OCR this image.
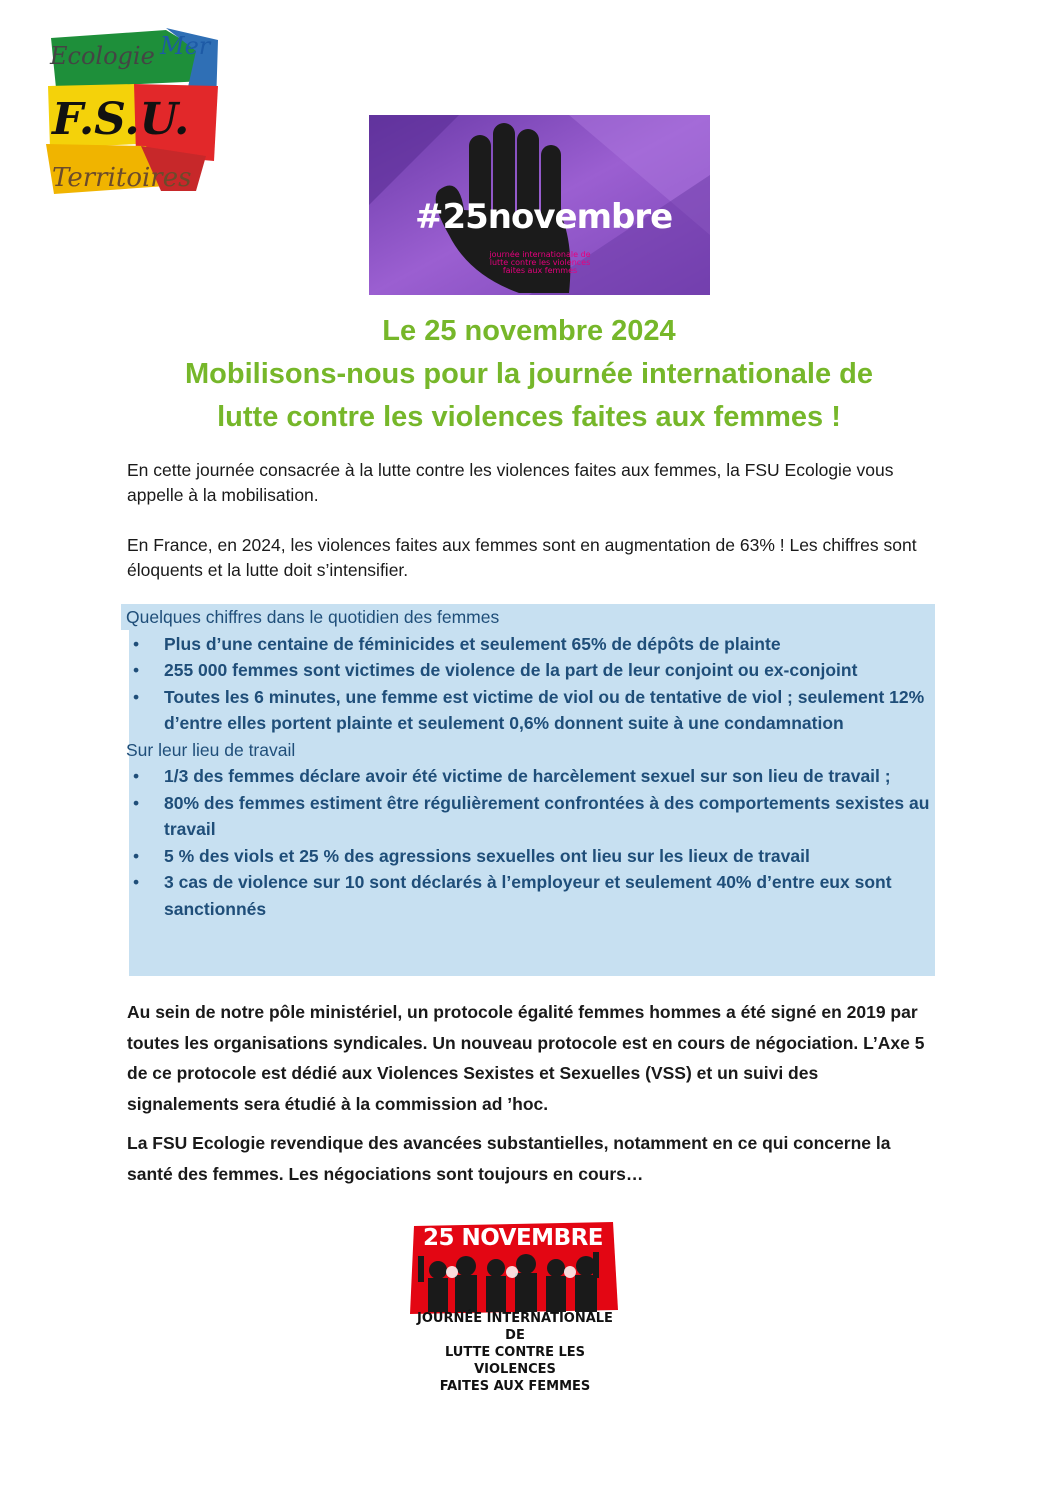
Ecologie Mer
F.S.U.
Territoires
#25novembre
journée internationale de lutte contre les violences faites aux femmes
Le 25 novembre 2024
Mobilisons-nous pour la journée internationale de
lutte contre les violences faites aux femmes !
En cette journée consacrée à la lutte contre les violences faites aux femmes, la FSU Ecologie vous appelle à la mobilisation.
En France, en 2024, les violences faites aux femmes sont en augmentation de 63% ! Les chiffres sont éloquents et la lutte doit s’intensifier.
Quelques chiffres dans le quotidien des femmes
• Plus d’une centaine de féminicides et seulement 65% de dépôts de plainte
• 255 000 femmes sont victimes de violence de la part de leur conjoint ou ex-conjoint
• Toutes les 6 minutes, une femme est victime de viol ou de tentative de viol ; seulement 12% d’entre elles portent plainte et seulement 0,6% donnent suite à une condamnation
Sur leur lieu de travail
• 1/3 des femmes déclare avoir été victime de harcèlement sexuel sur son lieu de travail ;
• 80% des femmes estiment être régulièrement confrontées à des comportements sexistes au travail
• 5 % des viols et 25 % des agressions sexuelles ont lieu sur les lieux de travail
• 3 cas de violence sur 10 sont déclarés à l’employeur et seulement 40% d’entre eux sont sanctionnés
Au sein de notre pôle ministériel, un protocole égalité femmes hommes a été signé en 2019 par toutes les organisations syndicales. Un nouveau protocole est en cours de négociation. L’Axe 5 de ce protocole est dédié aux Violences Sexistes et Sexuelles (VSS) et un suivi des signalements sera étudié à la commission ad ’hoc.
La FSU Ecologie revendique des avancées substantielles, notamment en ce qui concerne la santé des femmes. Les négociations sont toujours en cours…
25 NOVEMBRE
JOURNÉE INTERNATIONALE DE
LUTTE CONTRE LES VIOLENCES
FAITES AUX FEMMES
